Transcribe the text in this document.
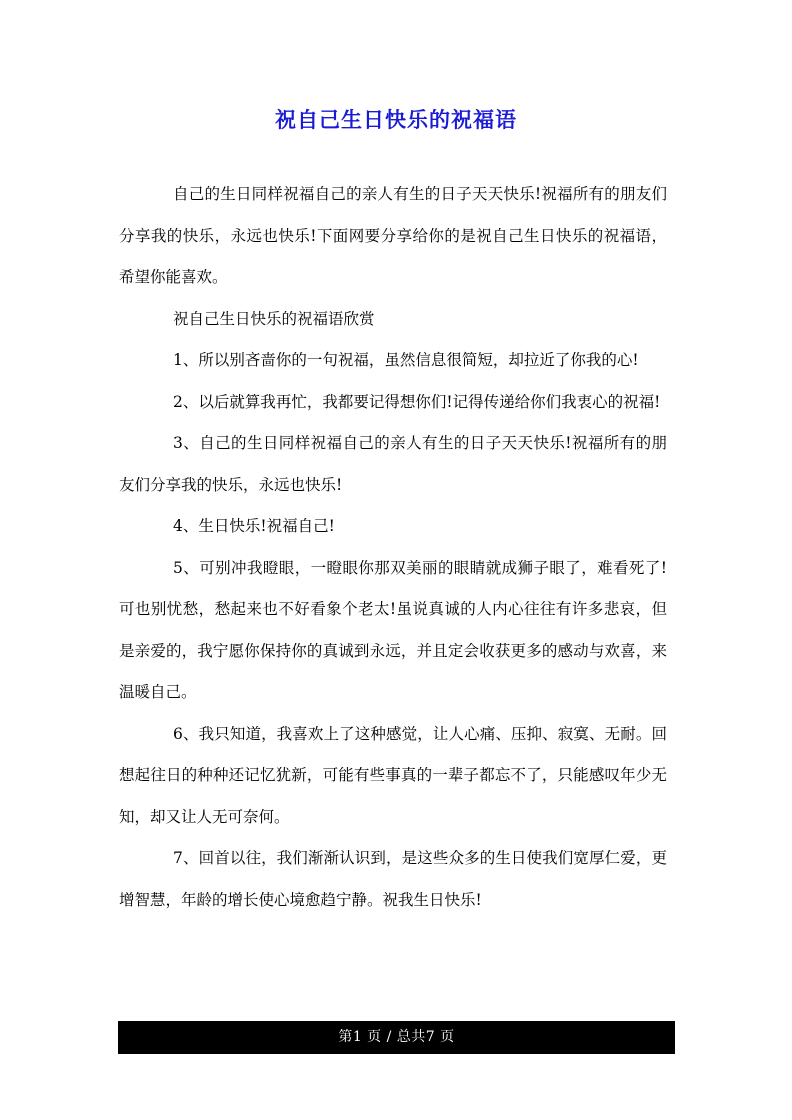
祝自己生日快乐的祝福语

自己的生日同样祝福自己的亲人有生的日子天天快乐!祝福所有的朋友们分享我的快乐，永远也快乐!下面网要分享给你的是祝自己生日快乐的祝福语，希望你能喜欢。

祝自己生日快乐的祝福语欣赏

1、所以别吝啬你的一句祝福，虽然信息很简短，却拉近了你我的心!

2、以后就算我再忙，我都要记得想你们!记得传递给你们我衷心的祝福!

3、自己的生日同样祝福自己的亲人有生的日子天天快乐!祝福所有的朋友们分享我的快乐，永远也快乐!

4、生日快乐!祝福自己!

5、可别冲我瞪眼，一瞪眼你那双美丽的眼睛就成狮子眼了，难看死了!可也别忧愁，愁起来也不好看象个老太!虽说真诚的人内心往往有许多悲哀，但是亲爱的，我宁愿你保持你的真诚到永远，并且定会收获更多的感动与欢喜，来温暖自己。

6、我只知道，我喜欢上了这种感觉，让人心痛、压抑、寂寞、无耐。回想起往日的种种还记忆犹新，可能有些事真的一辈子都忘不了，只能感叹年少无知，却又让人无可奈何。

7、回首以往，我们渐渐认识到，是这些众多的生日使我们宽厚仁爱，更增智慧，年龄的增长使心境愈趋宁静。祝我生日快乐!

第1 页 / 总共7 页
